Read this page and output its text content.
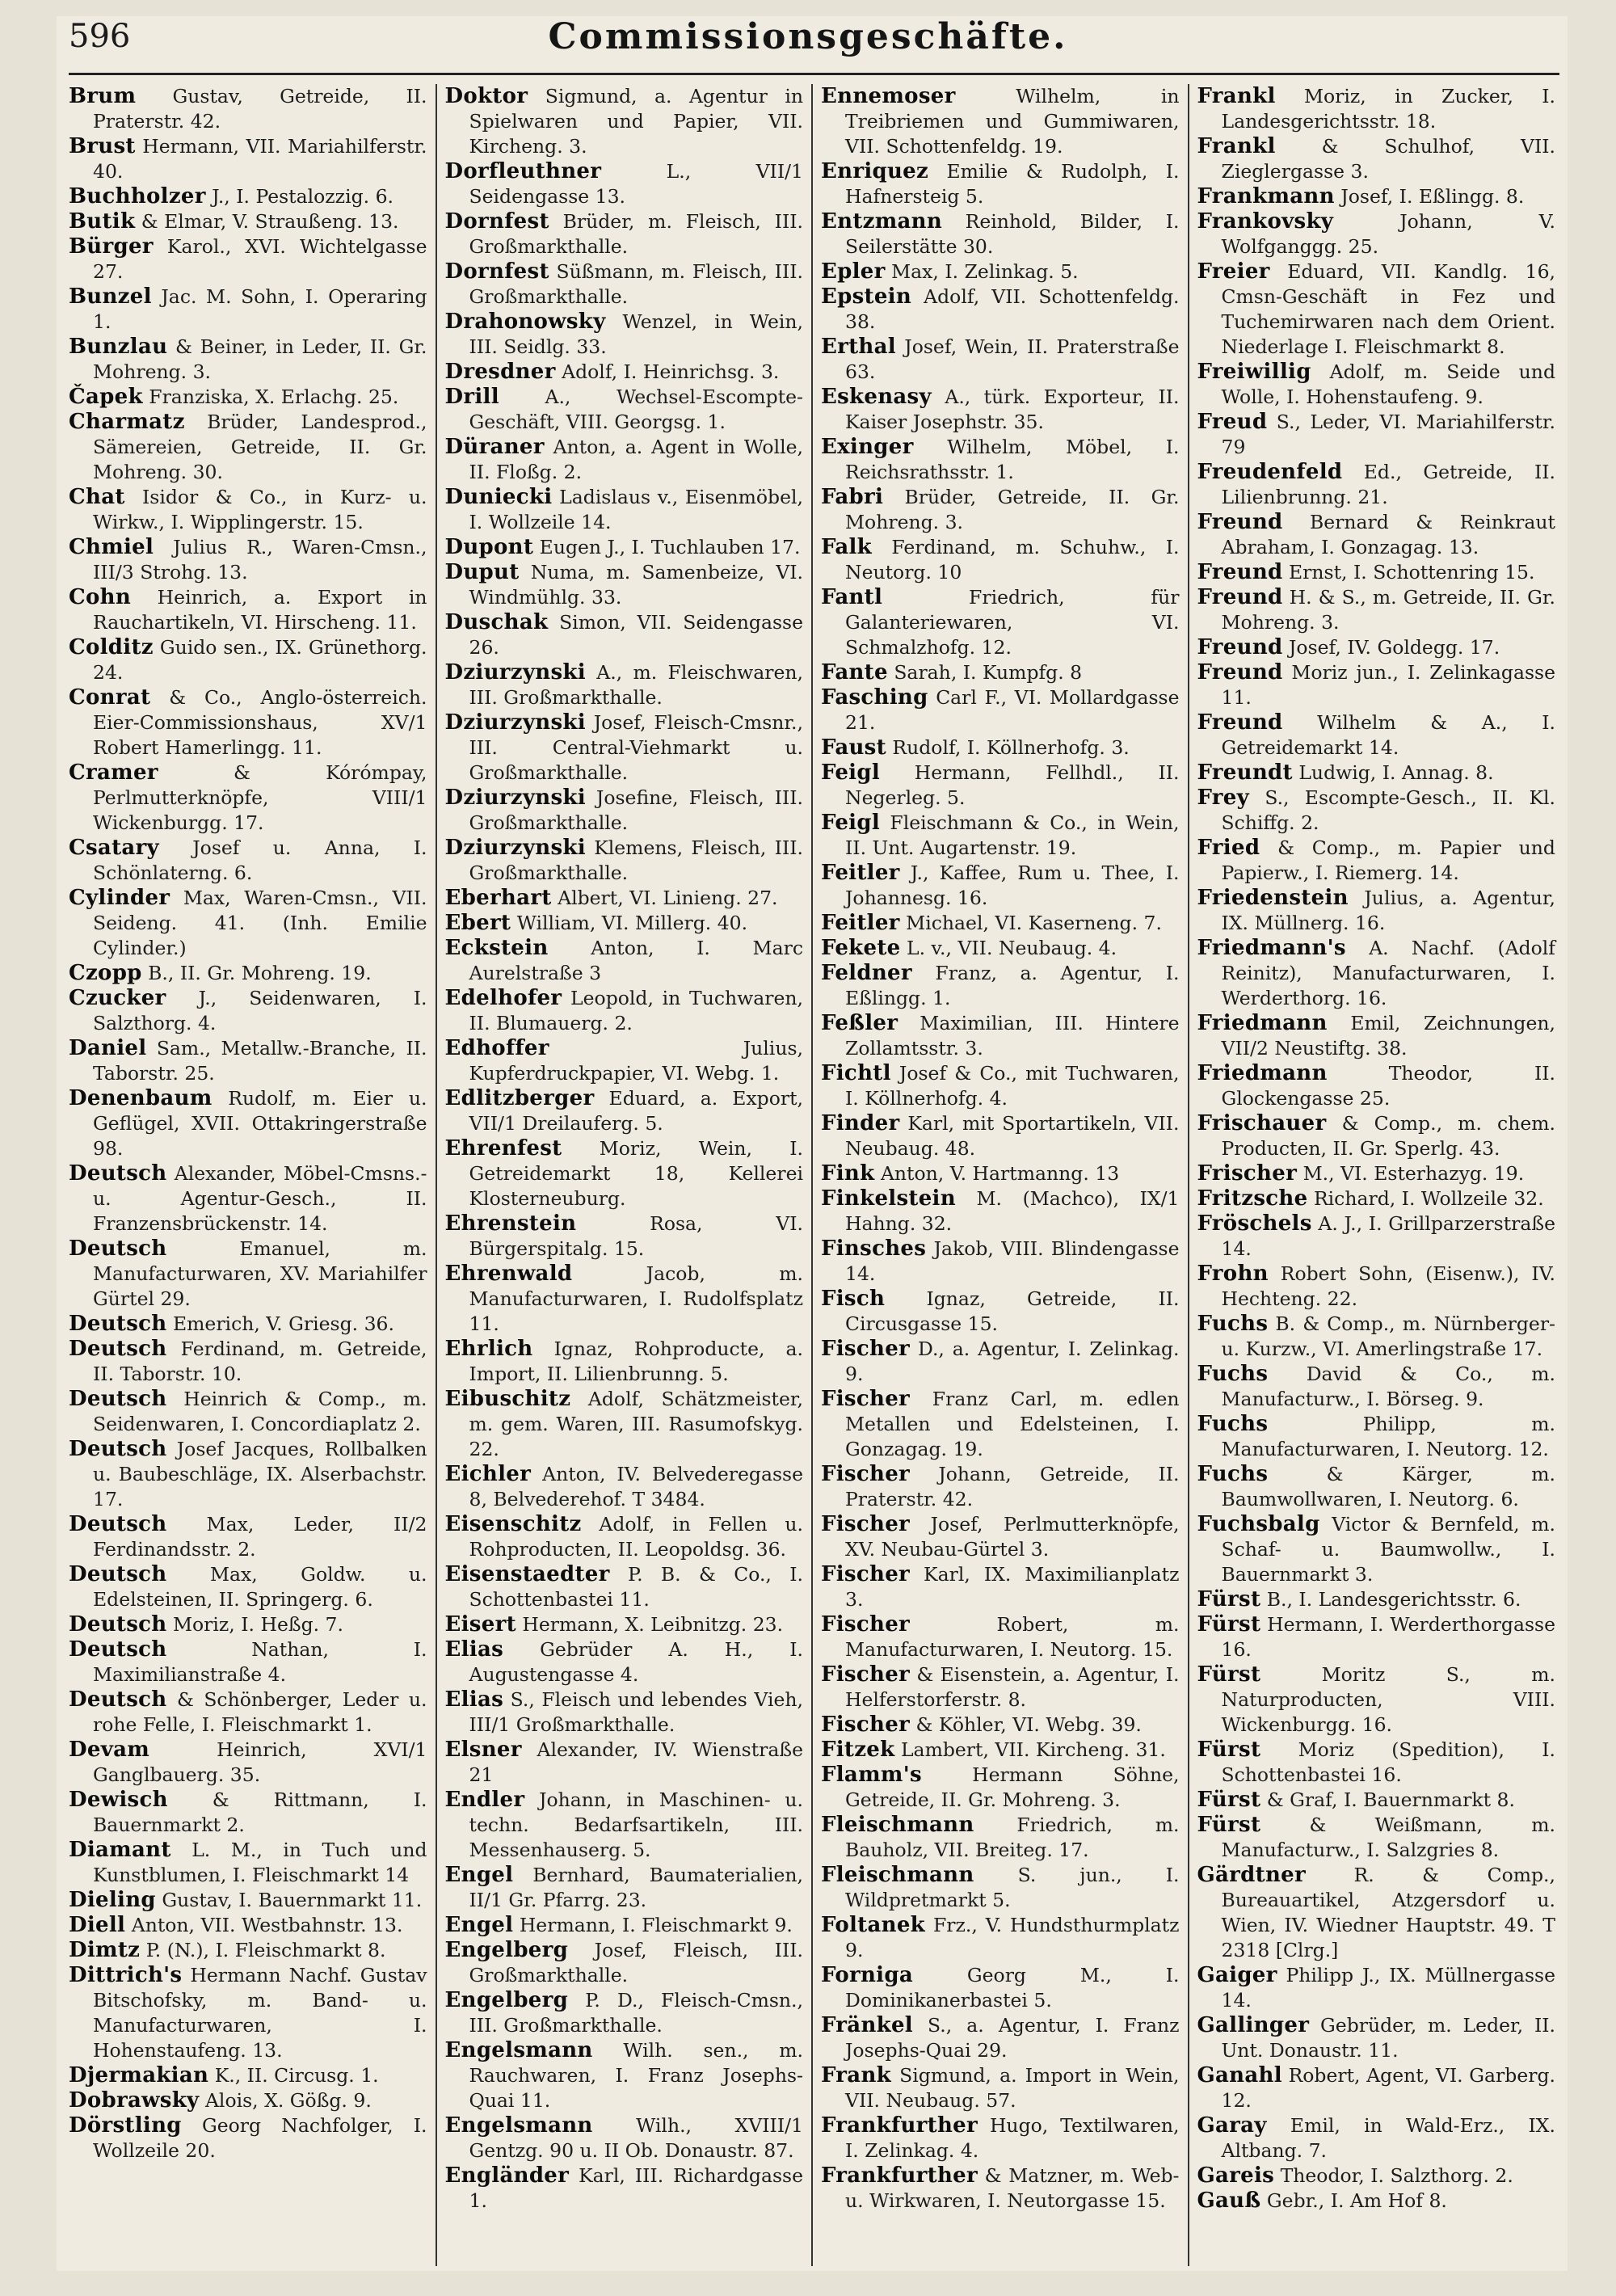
596	Commissionsgeschäfte.
Brum Gustav, Getreide, II. Praterstr. 42.
Brust Hermann, VII. Mariahilferstr. 40.
Buchholzer J., I. Pestalozzig. 6.
Butik & Elmar, V. Straußeng. 13.
Bürger Karol., XVI. Wichtelgasse 27.
Bunzel Jac. M. Sohn, I. Operaring 1.
Bunzlau & Beiner, in Leder, II. Gr. Mohreng. 3.
Čapek Franziska, X. Erlachg. 25.
Charmatz Brüder, Landesprod., Sämereien, Getreide, II. Gr. Mohreng. 30.
Chat Isidor & Co., in Kurz- u. Wirkw., I. Wipplingerstr. 15.
Chmiel Julius R., Waren-Cmsn., III/3 Strohg. 13.
Cohn Heinrich, a. Export in Rauchartikeln, VI. Hirscheng. 11.
Colditz Guido sen., IX. Grünethorg. 24.
Conrat & Co., Anglo-österreich. Eier-Commissionshaus, XV/1 Robert Hamerlingg. 11.
Cramer	& Kórómpay, Perlmutterknöpfe, VIII/1 Wickenburgg. 17.
Csatary Josef u. Anna, I. Schönlaterng. 6.
Cylinder Max, Waren-Cmsn., VII. Seideng. 41. (Inh. Emilie Cylinder.)
Czopp B., II. Gr. Mohreng. 19.
Czucker J., Seidenwaren, I. Salzthorg. 4.
Daniel Sam., Metallw.-Branche, II. Taborstr. 25.
Denenbaum Rudolf, m. Eier u. Geflügel, XVII. Ottakringerstraße 98.
Deutsch Alexander, Möbel-Cmsns.- u. Agentur-Gesch., II. Franzensbrückenstr. 14.
Deutsch	Emanuel, m. Manufacturwaren, XV. Mariahilfer Gürtel 29.
Deutsch Emerich, V. Griesg. 36.
Deutsch Ferdinand, m. Getreide, II. Taborstr. 10.
Deutsch Heinrich & Comp., m. Seidenwaren, I. Concordiaplatz 2.
Deutsch Josef Jacques, Rollbalken u. Baubeschläge, IX. Alserbachstr. 17.
Deutsch Max, Leder, II/2 Ferdinandsstr. 2.
Deutsch Max, Goldw. u. Edelsteinen, II. Springerg. 6.
Deutsch Moriz, I. Heßg. 7.
Deutsch	Nathan, I. Maximilianstraße 4.
Deutsch & Schönberger, Leder u. rohe Felle, I. Fleischmarkt 1.
Devam	Heinrich, XVI/1 Ganglbauerg. 35.
Dewisch & Rittmann, I. Bauernmarkt 2.
Diamant L. M., in Tuch und Kunstblumen, I. Fleischmarkt 14
Dieling Gustav, I. Bauernmarkt 11.
Diell Anton, VII. Westbahnstr. 13.
Dimtz P. (N.), I. Fleischmarkt 8.
Dittrich's Hermann Nachf. Gustav Bitschofsky, m. Band- u. Manufacturwaren, I. Hohenstaufeng. 13.
Djermakian K., II. Circusg. 1.
Dobrawsky Alois, X. Gößg. 9.
Dörstling Georg Nachfolger, I. Wollzeile 20.
Doktor Sigmund, a. Agentur in Spielwaren und Papier, VII. Kircheng. 3.
Dorfleuthner	L., VII/1 Seidengasse 13.
Dornfest Brüder, m. Fleisch, III. Großmarkthalle.
Dornfest Süßmann, m. Fleisch, III. Großmarkthalle.
Drahonowsky Wenzel, in Wein, III. Seidlg. 33.
Dresdner Adolf, I. Heinrichsg. 3.
Drill A., Wechsel-Escompte-Geschäft, VIII. Georgsg. 1.
Düraner Anton, a. Agent in Wolle, II. Floßg. 2.
Dunieсki Ladislaus v., Eisenmöbel, I. Wollzeile 14.
Dupont Eugen J., I. Tuchlauben 17.
Duput Numa, m. Samenbeize, VI. Windmühlg. 33.
Duschak Simon, VII. Seidengasse 26.
Dziurzynski A., m. Fleischwaren, III. Großmarkthalle.
Dziurzynski Josef, Fleisch-Cmsnr., III. Central-Viehmarkt u. Großmarkthalle.
Dziurzynski Josefine, Fleisch, III. Großmarkthalle.
Dziurzynski Klemens, Fleisch, III. Großmarkthalle.
Eberhart Albert, VI. Linieng. 27.
Ebert William, VI. Millerg. 40.
Eckstein Anton, I. Marc Aurelstraße 3
Edelhofer Leopold, in Tuchwaren, II. Blumauerg. 2.
Edhoffer	Julius, Kupferdruckpapier, VI. Webg. 1.
Edlitzberger Eduard, a. Export, VII/1 Dreilauferg. 5.
Ehrenfest Moriz, Wein, I. Getreidemarkt 18, Kellerei Klosterneuburg.
Ehrenstein	Rosa, VI. Bürgerspitalg. 15.
Ehrenwald	Jacob, m. Manufacturwaren, I. Rudolfsplatz 11.
Ehrlich Ignaz, Rohproducte, a. Import, II. Lilienbrunng. 5.
Eibuschitz Adolf, Schätzmeister, m. gem. Waren, III. Rasumofskyg. 22.
Eichler Anton, IV. Belvederegasse 8, Belvederehof. T 3484.
Eisenschitz Adolf, in Fellen u. Rohproducten, II. Leopoldsg. 36.
Eisenstaedter P. B. & Co., I. Schottenbastei 11.
Eisert Hermann, X. Leibnitzg. 23.
Elias Gebrüder A. H., I. Augustengasse 4.
Elias S., Fleisch und lebendes Vieh, III/1 Großmarkthalle.
Elsner Alexander, IV. Wienstraße 21
Endler Johann, in Maschinen- u. techn. Bedarfsartikeln, III. Messenhauserg. 5.
Engel Bernhard, Baumaterialien, II/1 Gr. Pfarrg. 23.
Engel Hermann, I. Fleischmarkt 9.
Engelberg Josef, Fleisch, III. Großmarkthalle.
Engelberg P. D., Fleisch-Cmsn., III. Großmarkthalle.
Engelsmann Wilh. sen., m. Rauchwaren, I. Franz Josephs-Quai 11.
Engelsmann Wilh., XVIII/1 Gentzg. 90 u. II Ob. Donaustr. 87.
Engländer Karl, III. Richardgasse 1.
Ennemoser	Wilhelm, in Treibriemen und Gummiwaren, VII. Schottenfeldg. 19.
Enriquez Emilie & Rudolph, I. Hafnersteig 5.
Entzmann Reinhold, Bilder, I. Seilerstätte 30.
Epler Max, I. Zelinkag. 5.
Epstein Adolf, VII. Schottenfeldg. 38.
Erthal Josef, Wein, II. Praterstraße 63.
Eskenasy A., türk. Exporteur, II. Kaiser Josephstr. 35.
Exinger Wilhelm, Möbel, I. Reichsrathsstr. 1.
Fabri Brüder, Getreide, II. Gr. Mohreng. 3.
Falk Ferdinand, m. Schuhw., I. Neutorg. 10
Fantl	Friedrich, für Galanteriewaren, VI. Schmalzhofg. 12.
Fante Sarah, I. Kumpfg. 8
Fasching Carl F., VI. Mollardgasse 21.
Faust Rudolf, I. Köllnerhofg. 3.
Feigl Hermann, Fellhdl., II. Negerleg. 5.
Feigl Fleischmann & Co., in Wein, II. Unt. Augartenstr. 19.
Feitler J., Kaffee, Rum u. Thee, I. Johannesg. 16.
Feitler Michael, VI. Kaserneng. 7.
Fekete L. v., VII. Neubaug. 4.
Feldner Franz, a. Agentur, I. Eßlingg. 1.
Feßler Maximilian, III. Hintere Zollamtsstr. 3.
Fichtl Josef & Co., mit Tuchwaren, I. Köllnerhofg. 4.
Finder Karl, mit Sportartikeln, VII. Neubaug. 48.
Fink Anton, V. Hartmanng. 13
Finkelstein M. (Machco), IX/1 Hahng. 32.
Finsches Jakob, VIII. Blindengasse 14.
Fisch Ignaz, Getreide, II. Circusgasse 15.
Fischer D., a. Agentur, I. Zelinkag. 9.
Fischer Franz Carl, m. edlen Metallen und Edelsteinen, I. Gonzagag. 19.
Fischer Johann, Getreide, II. Praterstr. 42.
Fischer Josef, Perlmutterknöpfe, XV. Neubau-Gürtel 3.
Fischer Karl, IX. Maximilianplatz 3.
Fischer	Robert, m. Manufacturwaren, I. Neutorg. 15.
Fischer & Eisenstein, a. Agentur, I. Helferstorferstr. 8.
Fischer & Köhler, VI. Webg. 39.
Fitzek Lambert, VII. Kircheng. 31.
Flamm's	Hermann Söhne, Getreide, II. Gr. Mohreng. 3.
Fleischmann Friedrich, m. Bauholz, VII. Breiteg. 17.
Fleischmann S. jun., I. Wildpretmarkt 5.
Foltanek Frz., V. Hundsthurmplatz 9.
Forniga	Georg M., I. Dominikanerbastei 5.
Fränkel S., a. Agentur, I. Franz Josephs-Quai 29.
Frank Sigmund, a. Import in Wein, VII. Neubaug. 57.
Frankfurther Hugo, Textilwaren, I. Zelinkag. 4.
Frankfurther & Matzner, m. Web- u. Wirkwaren, I. Neutorgasse 15.
Frankl Moriz, in Zucker, I. Landesgerichtsstr. 18.
Frankl & Schulhof, VII. Zieglergasse 3.
Frankmann Josef, I. Eßlingg. 8.
Frankovsky	Johann, V. Wolfganggg. 25.
Freier Eduard, VII. Kandlg. 16, Cmsn-Geschäft in Fez und Tuchemirwaren nach dem Orient. Niederlage I. Fleischmarkt 8.
Freiwillig Adolf, m. Seide und Wolle, I. Hohenstaufeng. 9.
Freud S., Leder, VI. Mariahilferstr. 79
Freudenfeld Ed., Getreide, II. Lilienbrunng. 21.
Freund Bernard & Reinkraut Abraham, I. Gonzagag. 13.
Freund Ernst, I. Schottenring 15.
Freund H. & S., m. Getreide, II. Gr. Mohreng. 3.
Freund Josef, IV. Goldegg. 17.
Freund Moriz jun., I. Zelinkagasse 11.
Freund Wilhelm & A., I. Getreidemarkt 14.
Freundt Ludwig, I. Annag. 8.
Frey S., Escompte-Gesch., II. Kl. Schiffg. 2.
Fried & Comp., m. Papier und Papierw., I. Riemerg. 14.
Friedenstein Julius, a. Agentur, IX. Müllnerg. 16.
Friedmann's A. Nachf. (Adolf Reinitz), Manufacturwaren, I. Werderthorg. 16.
Friedmann Emil, Zeichnungen, VII/2 Neustiftg. 38.
Friedmann	Theodor, II. Glockengasse 25.
Frischauer & Comp., m. chem. Producten, II. Gr. Sperlg. 43.
Frischer M., VI. Esterhazyg. 19.
Fritzsche Richard, I. Wollzeile 32.
Fröschels A. J., I. Grillparzerstraße 14.
Frohn Robert Sohn, (Eisenw.), IV. Hechteng. 22.
Fuchs B. & Comp., m. Nürnberger- u. Kurzw., VI. Amerlingstraße 17.
Fuchs David & Co., m. Manufacturw., I. Börseg. 9.
Fuchs	Philipp, m. Manufacturwaren, I. Neutorg. 12.
Fuchs	& Kärger, m. Baumwollwaren, I. Neutorg. 6.
Fuchsbalg Victor & Bernfeld, m. Schaf- u. Baumwollw., I. Bauernmarkt 3.
Fürst B., I. Landesgerichtsstr. 6.
Fürst Hermann, I. Werderthorgasse 16.
Fürst	Moritz S., m. Naturproducten, VIII. Wickenburgg. 16.
Fürst Moriz (Spedition), I. Schottenbastei 16.
Fürst & Graf, I. Bauernmarkt 8.
Fürst	& Weißmann, m. Manufacturw., I. Salzgries 8.
Gärdtner	R. & Comp., Bureauartikel, Atzgersdorf u. Wien, IV. Wiedner Hauptstr. 49. T 2318 [Clrg.]
Gaiger Philipp J., IX. Müllnergasse 14.
Gallinger Gebrüder, m. Leder, II. Unt. Donaustr. 11.
Ganahl Robert, Agent, VI. Garberg. 12.
Garay Emil, in Wald-Erz., IX. Altbang. 7.
Gareis Theodor, I. Salzthorg. 2.
Gauß Gebr., I. Am Hof 8.
